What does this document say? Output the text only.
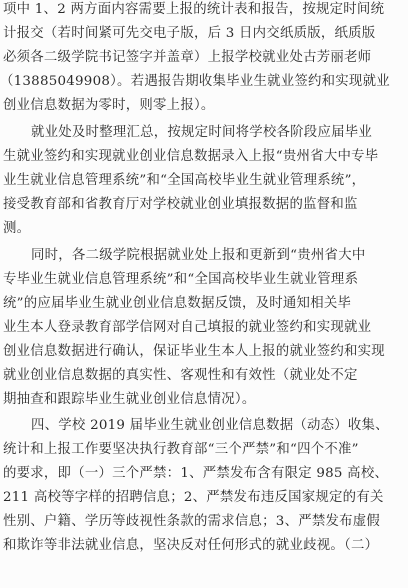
项中 1、2 两方面内容需要上报的统计表和报告，按规定时间统
计报交（若时间紧可先交电子版，后 3 日内交纸质版，纸质版
必须各二级学院书记签字并盖章）上报学校就业处古芳丽老师
（13885049908）。若遇报告期收集毕业生就业签约和实现就业
创业信息数据为零时，则零上报）。
就业处及时整理汇总，按规定时间将学校各阶段应届毕业
生就业签约和实现就业创业信息数据录入上报“贵州省大中专毕
业生就业信息管理系统”和“全国高校毕业生就业管理系统”，
接受教育部和省教育厅对学校就业创业填报数据的监督和监
测。
同时，各二级学院根据就业处上报和更新到“贵州省大中
专毕业生就业信息管理系统”和“全国高校毕业生就业管理系
统”的应届毕业生就业创业信息数据反馈，及时通知相关毕
业生本人登录教育部学信网对自己填报的就业签约和实现就业
创业信息数据进行确认，保证毕业生本人上报的就业签约和实现
就业创业信息数据的真实性、客观性和有效性（就业处不定
期抽查和跟踪毕业生就业创业信息情况）。
四、学校 2019 届毕业生就业创业信息数据（动态）收集、
统计和上报工作要坚决执行教育部“三个严禁”和“四个不准”
的要求，即（一）三个严禁：1、严禁发布含有限定 985 高校、
211 高校等字样的招聘信息；2、严禁发布违反国家规定的有关
性别、户籍、学历等歧视性条款的需求信息；3、严禁发布虚假
和欺诈等非法就业信息，坚决反对任何形式的就业歧视。（二）
